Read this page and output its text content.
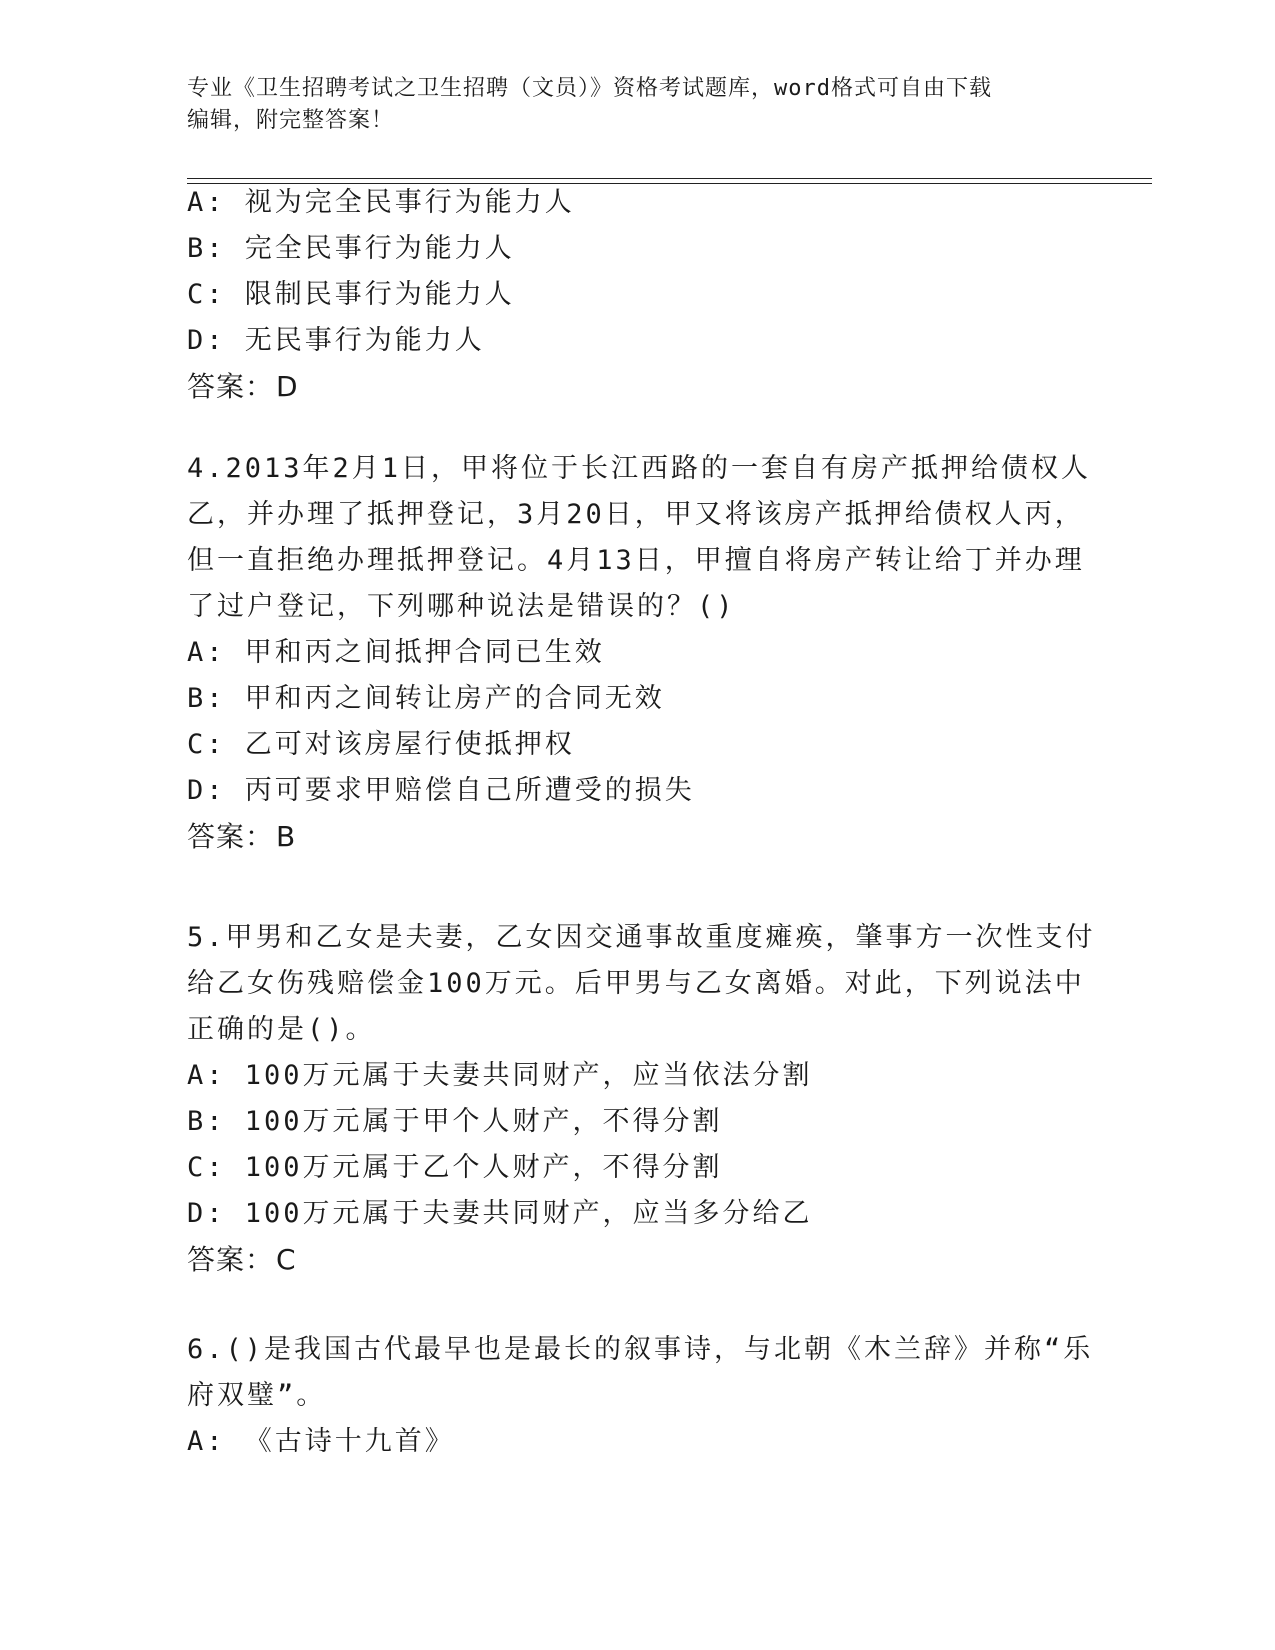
专业《卫生招聘考试之卫生招聘（文员）》资格考试题库，word格式可自由下载
编辑，附完整答案！
A: 视为完全民事行为能力人
B: 完全民事行为能力人
C: 限制民事行为能力人
D: 无民事行为能力人
答案：D
4.2013年2月1日，甲将位于长江西路的一套自有房产抵押给债权人
乙，并办理了抵押登记，3月20日，甲又将该房产抵押给债权人丙，
但一直拒绝办理抵押登记。4月13日，甲擅自将房产转让给丁并办理
了过户登记，下列哪种说法是错误的？()
A: 甲和丙之间抵押合同已生效
B: 甲和丙之间转让房产的合同无效
C: 乙可对该房屋行使抵押权
D: 丙可要求甲赔偿自己所遭受的损失
答案：B
5.甲男和乙女是夫妻，乙女因交通事故重度瘫痪，肇事方一次性支付
给乙女伤残赔偿金100万元。后甲男与乙女离婚。对此，下列说法中
正确的是()。
A: 100万元属于夫妻共同财产，应当依法分割
B: 100万元属于甲个人财产，不得分割
C: 100万元属于乙个人财产，不得分割
D: 100万元属于夫妻共同财产，应当多分给乙
答案：C
6.()是我国古代最早也是最长的叙事诗，与北朝《木兰辞》并称“乐
府双璧”。
A: 《古诗十九首》
